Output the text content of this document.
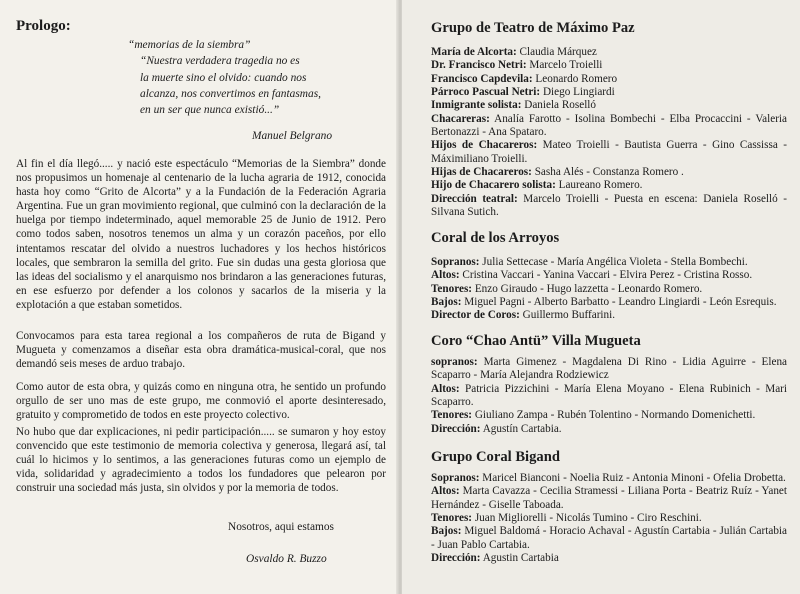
Prologo:
“memorias de la siembra”
“Nuestra verdadera tragedia no es
la muerte sino el olvido: cuando nos
alcanza, nos convertimos en fantasmas,
en un ser que nunca existió...”
Manuel Belgrano

Al fin el día llegó..... y nació este espectáculo “Memorias de la Siembra” donde nos propusimos un homenaje al centenario de la lucha agraria de 1912, conocida hasta hoy como “Grito de Alcorta” y a la Fundación de la Federación Agraria Argentina. Fue un gran movimiento regional, que culminó con la declaración de la huelga por tiempo indeterminado, aquel memorable 25 de Junio de 1912. Pero como todos saben, nosotros tenemos un alma y un corazón paceños, por ello intentamos rescatar del olvido a nuestros luchadores y los hechos históricos locales, que sembraron la semilla del grito. Fue sin dudas una gesta gloriosa que las ideas del socialismo y el anarquismo nos brindaron a las generaciones futuras, en ese esfuerzo por defender a los colonos y sacarlos de la miseria y la explotación a que estaban sometidos.

Convocamos para esta tarea regional a los compañeros de ruta de Bigand y Mugueta y comenzamos a diseñar esta obra dramática-musical-coral, que nos demandó seis meses de arduo trabajo.

Como autor de esta obra, y quizás como en ninguna otra, he sentido un profundo orgullo de ser uno mas de este grupo, me conmovió el aporte desinteresado, gratuito y comprometido de todos en este proyecto colectivo.

No hubo que dar explicaciones, ni pedir participación..... se sumaron y hoy estoy convencido que este testimonio de memoria colectiva y generosa, llegará así, tal cuál lo hicimos y lo sentimos, a las generaciones futuras como un ejemplo de vida, solidaridad y agradecimiento a todos los fundadores que pelearon por construir una sociedad más justa, sin olvidos y por la memoria de todos.

Nosotros, aqui estamos
Osvaldo R. Buzzo
Grupo de Teatro de Máximo Paz
María de Alcorta: Claudia Márquez
Dr. Francisco Netri: Marcelo Troielli
Francisco Capdevila: Leonardo Romero
Párroco Pascual Netri: Diego Lingiardi
Inmigrante solista: Daniela Roselló
Chacareras: Analía Farotto - Isolina Bombechi - Elba Procaccini - Valeria Bertonazzi - Ana Spataro.
Hijos de Chacareros: Mateo Troielli - Bautista Guerra - Gino Cassissa - Máximiliano Troielli.
Hijas de Chacareros: Sasha Alés - Constanza Romero .
Hijo de Chacarero solista: Laureano Romero.
Dirección teatral: Marcelo Troielli - Puesta en escena: Daniela Roselló - Silvana Sutich.
Coral de los Arroyos
Sopranos: Julia Settecase - María Angélica Violeta - Stella Bombechi.
Altos: Cristina Vaccari - Yanina Vaccari - Elvira Perez - Cristina Rosso.
Tenores: Enzo Giraudo - Hugo lazzetta - Leonardo Romero.
Bajos: Miguel Pagni - Alberto Barbatto - Leandro Lingiardi - León Esrequis.
Director de Coros: Guillermo Buffarini.
Coro “Chao Antü” Villa Mugueta
sopranos: Marta Gimenez - Magdalena Di Rino - Lidia Aguirre - Elena Scaparro - María Alejandra Rodziewicz
Altos: Patricia Pizzichini - María Elena Moyano - Elena Rubinich - Mari Scaparro.
Tenores: Giuliano Zampa - Rubén Tolentino - Normando Domenichetti.
Dirección: Agustín Cartabia.
Grupo Coral Bigand
Sopranos: Maricel Bianconi - Noelia Ruiz - Antonia Minoni - Ofelia Drobetta.
Altos: Marta Cavazza - Cecilia Stramessi - Liliana Porta - Beatriz Ruíz - Yanet Hernández - Giselle Taboada.
Tenores: Juan Migliorelli - Nicolás Tumino - Ciro Reschini.
Bajos: Miguel Baldomá - Horacio Achaval - Agustín Cartabia - Julián Cartabia - Juan Pablo Cartabia.
Dirección: Agustin Cartabia
